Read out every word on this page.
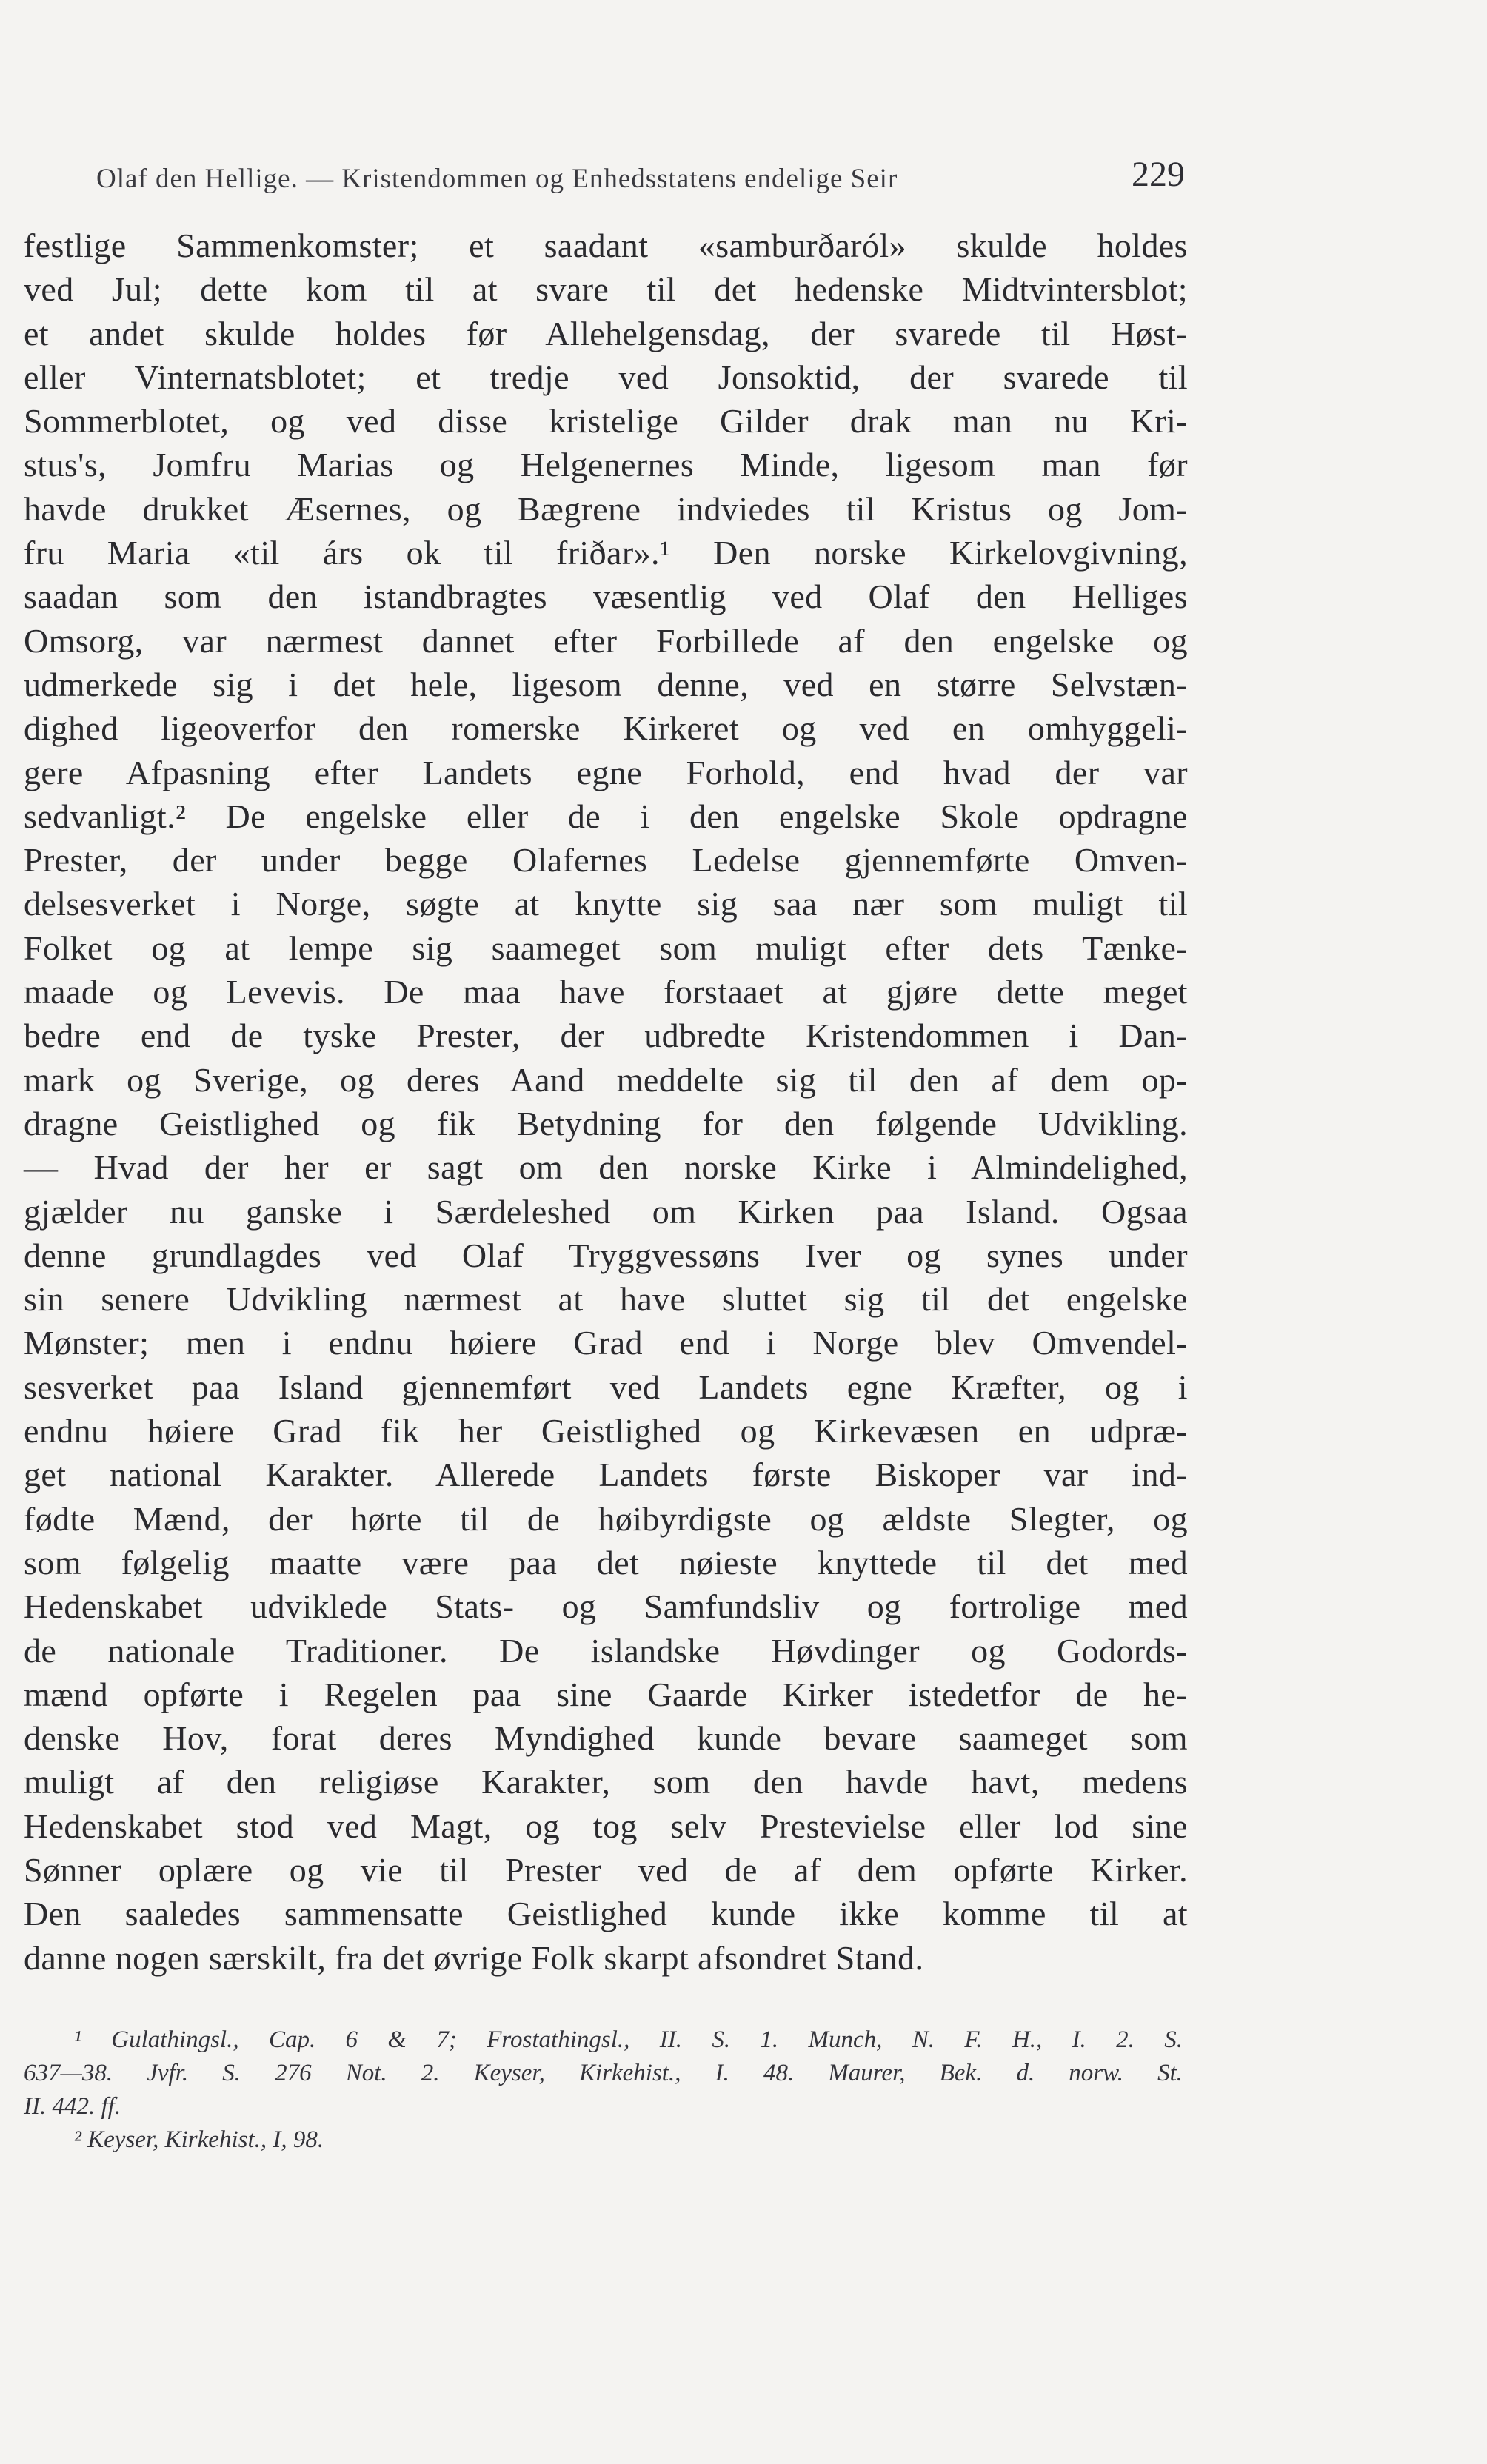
Olaf den Hellige. — Kristendommen og Enhedsstatens endelige Seir	229
festlige Sammenkomster; et saadant «samburðaról» skulde holdes
ved Jul; dette kom til at svare til det hedenske Midtvintersblot;
et andet skulde holdes før Allehelgensdag, der svarede til Høst-
eller Vinternatsblotet; et tredje ved Jonsoktid, der svarede til
Sommerblotet, og ved disse kristelige Gilder drak man nu Kri-
stus's, Jomfru Marias og Helgenernes Minde, ligesom man før
havde drukket Æsernes, og Bægrene indviedes til Kristus og Jom-
fru Maria «til árs ok til friðar».¹ Den norske Kirkelovgivning,
saadan som den istandbragtes væsentlig ved Olaf den Helliges
Omsorg, var nærmest dannet efter Forbillede af den engelske og
udmerkede sig i det hele, ligesom denne, ved en større Selvstæn-
dighed ligeoverfor den romerske Kirkeret og ved en omhyggeli-
gere Afpasning efter Landets egne Forhold, end hvad der var
sedvanligt.² De engelske eller de i den engelske Skole opdragne
Prester, der under begge Olafernes Ledelse gjennemførte Omven-
delsesverket i Norge, søgte at knytte sig saa nær som muligt til
Folket og at lempe sig saameget som muligt efter dets Tænke-
maade og Levevis. De maa have forstaaet at gjøre dette meget
bedre end de tyske Prester, der udbredte Kristendommen i Dan-
mark og Sverige, og deres Aand meddelte sig til den af dem op-
dragne Geistlighed og fik Betydning for den følgende Udvikling.
— Hvad der her er sagt om den norske Kirke i Almindelighed,
gjælder nu ganske i Særdeleshed om Kirken paa Island. Ogsaa
denne grundlagdes ved Olaf Tryggvessøns Iver og synes under
sin senere Udvikling nærmest at have sluttet sig til det engelske
Mønster; men i endnu høiere Grad end i Norge blev Omvendel-
sesverket paa Island gjennemført ved Landets egne Kræfter, og i
endnu høiere Grad fik her Geistlighed og Kirkevæsen en udpræ-
get national Karakter. Allerede Landets første Biskoper var ind-
fødte Mænd, der hørte til de høibyrdigste og ældste Slegter, og
som følgelig maatte være paa det nøieste knyttede til det med
Hedenskabet udviklede Stats- og Samfundsliv og fortrolige med
de nationale Traditioner. De islandske Høvdinger og Godords-
mænd opførte i Regelen paa sine Gaarde Kirker istedetfor de he-
denske Hov, forat deres Myndighed kunde bevare saameget som
muligt af den religiøse Karakter, som den havde havt, medens
Hedenskabet stod ved Magt, og tog selv Prestevielse eller lod sine
Sønner oplære og vie til Prester ved de af dem opførte Kirker.
Den saaledes sammensatte Geistlighed kunde ikke komme til at
danne nogen særskilt, fra det øvrige Folk skarpt afsondret Stand.
¹ Gulathingsl., Cap. 6 & 7; Frostathingsl., II. S. 1. Munch, N. F. H., I. 2. S.
637—38. Jvfr. S. 276 Not. 2. Keyser, Kirkehist., I. 48. Maurer, Bek. d. norw. St.
II. 442. ff.
² Keyser, Kirkehist., I, 98.
